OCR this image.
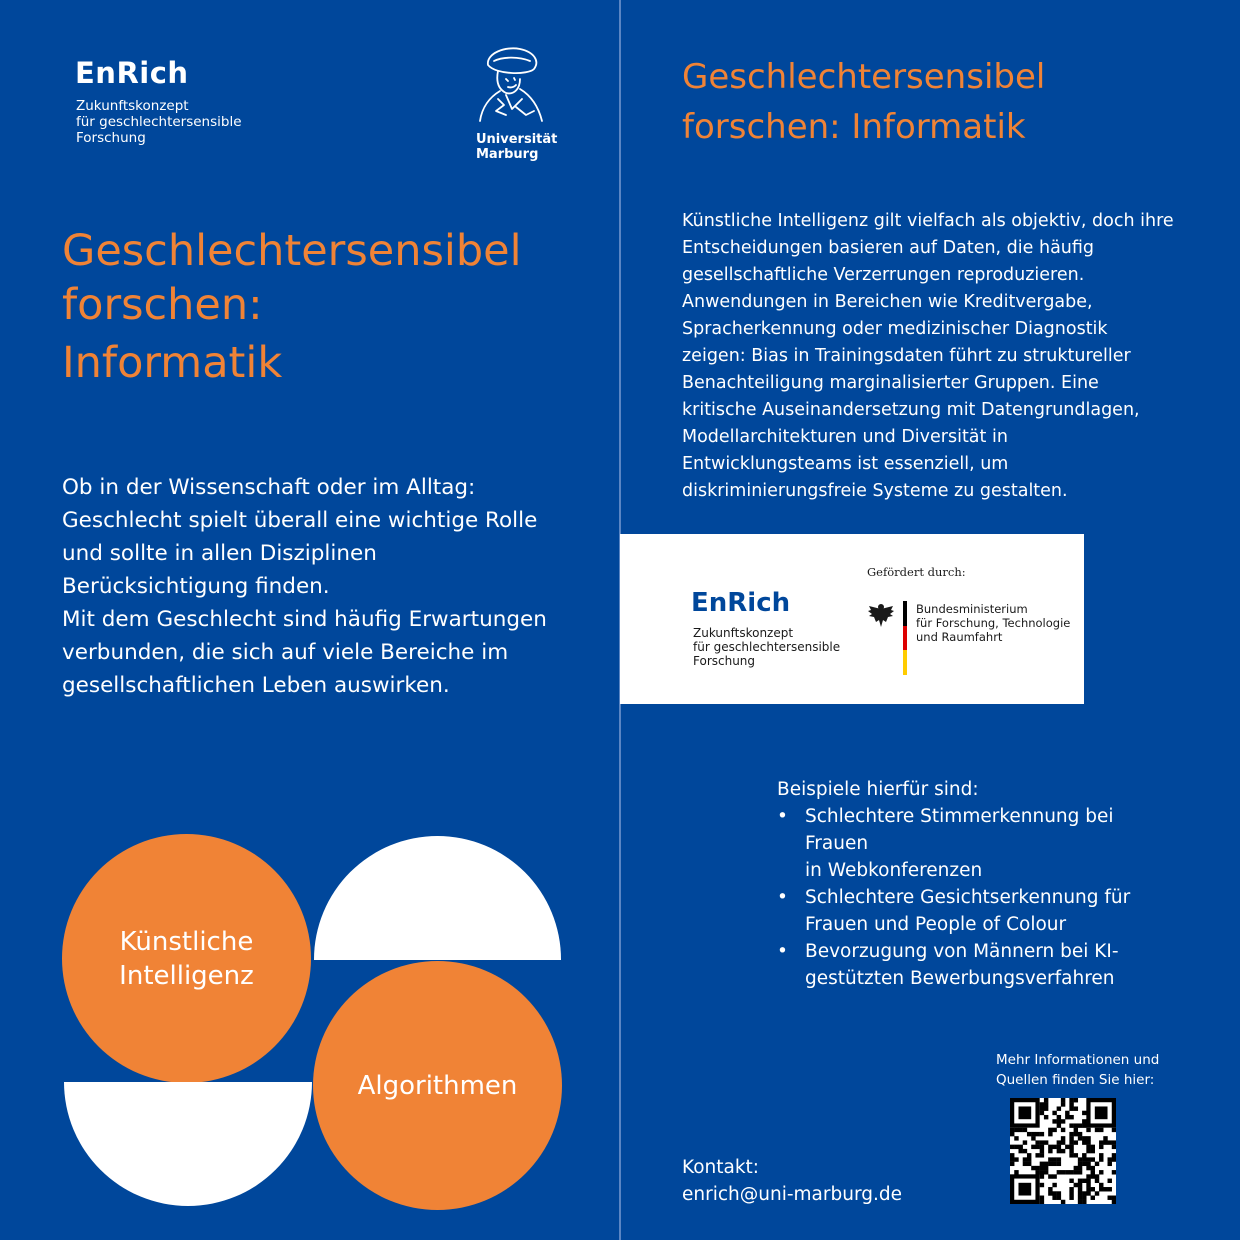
EnRich
Zukunftskonzept
für geschlechtersensible
Forschung	Universität
Marburg
Geschlechtersensibel
forschen:
Informatik
Ob in der Wissenschaft oder im Alltag:
Geschlecht spielt überall eine wichtige Rolle
und sollte in allen Disziplinen
Berücksichtigung finden.
Mit dem Geschlecht sind häufig Erwartungen
verbunden, die sich auf viele Bereiche im
gesellschaftlichen Leben auswirken.
Künstliche
Intelligenz
Algorithmen
Geschlechtersensibel
forschen: Informatik
Künstliche Intelligenz gilt vielfach als objektiv, doch ihre
Entscheidungen basieren auf Daten, die häufig
gesellschaftliche Verzerrungen reproduzieren.
Anwendungen in Bereichen wie Kreditvergabe,
Spracherkennung oder medizinischer Diagnostik
zeigen: Bias in Trainingsdaten führt zu struktureller
Benachteiligung marginalisierter Gruppen. Eine
kritische Auseinandersetzung mit Datengrundlagen,
Modellarchitekturen und Diversität in
Entwicklungsteams ist essenziell, um
diskriminierungsfreie Systeme zu gestalten.
EnRich
Zukunftskonzept
für geschlechtersensible
Forschung
Gefördert durch:
Bundesministerium
für Forschung, Technologie
und Raumfahrt
Beispiele hierfür sind:
• Schlechtere Stimmerkennung bei Frauen
in Webkonferenzen
• Schlechtere Gesichtserkennung für
Frauen und People of Colour
• Bevorzugung von Männern bei KI-
gestützten Bewerbungsverfahren
Mehr Informationen und
Quellen finden Sie hier:
Kontakt:
enrich@uni-marburg.de
